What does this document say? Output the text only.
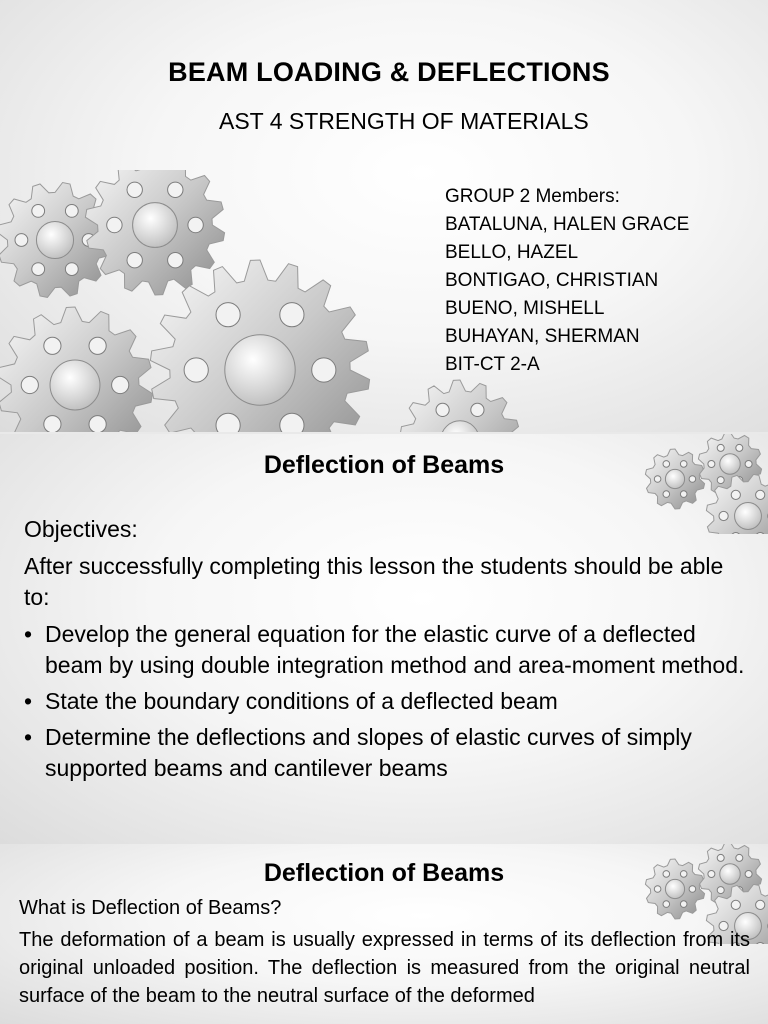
BEAM LOADING & DEFLECTIONS
AST 4 STRENGTH OF MATERIALS
GROUP 2 Members:
BATALUNA, HALEN GRACE
BELLO, HAZEL
BONTIGAO, CHRISTIAN
BUENO, MISHELL
BUHAYAN, SHERMAN
BIT-CT 2-A
Deflection of Beams

Objectives:

After successfully completing this lesson the students should be able to:

• Develop the general equation for the elastic curve of a deflected beam by using double integration method and area-moment method.
• State the boundary conditions of a deflected beam
• Determine the deflections and slopes of elastic curves of simply supported beams and cantilever beams
Deflection of Beams
What is Deflection of Beams?
The deformation of a beam is usually expressed in terms of its deflection from its original unloaded position. The deflection is measured from the original neutral surface of the beam to the neutral surface of the deformed
